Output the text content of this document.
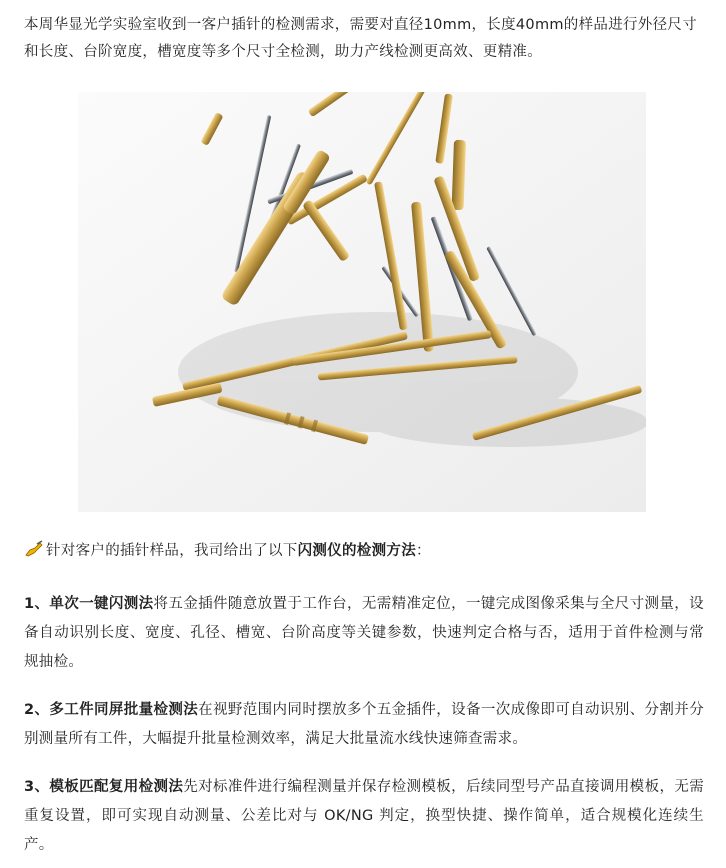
本周华显光学实验室收到一客户插针的检测需求，需要对直径10mm，长度40mm的样品进行外径尺寸和长度、台阶宽度，槽宽度等多个尺寸全检测，助力产线检测更高效、更精准。

针对客户的插针样品，我司给出了以下闪测仪的检测方法：

1、单次一键闪测法将五金插件随意放置于工作台，无需精准定位，一键完成图像采集与全尺寸测量，设备自动识别长度、宽度、孔径、槽宽、台阶高度等关键参数，快速判定合格与否，适用于首件检测与常规抽检。

2、多工件同屏批量检测法在视野范围内同时摆放多个五金插件，设备一次成像即可自动识别、分割并分别测量所有工件，大幅提升批量检测效率，满足大批量流水线快速筛查需求。

3、模板匹配复用检测法先对标准件进行编程测量并保存检测模板，后续同型号产品直接调用模板，无需重复设置，即可实现自动测量、公差比对与 OK/NG 判定，换型快捷、操作简单，适合规模化连续生产。
